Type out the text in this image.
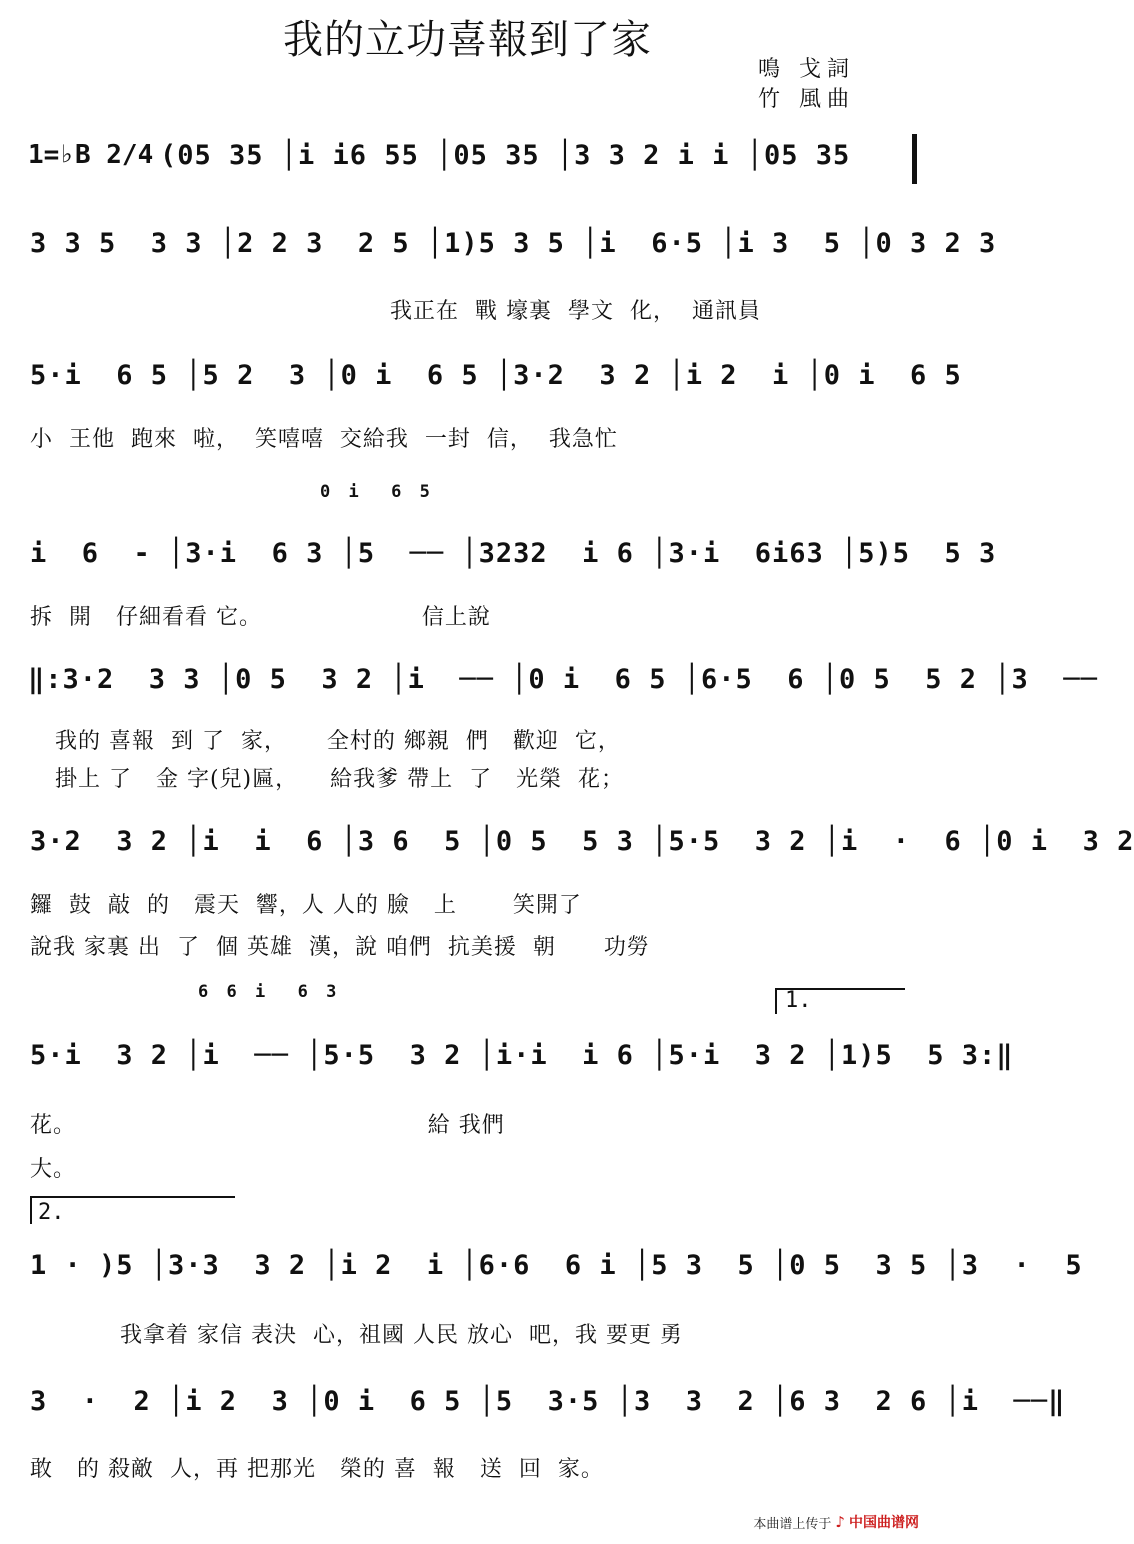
我的立功喜報到了家
鳴 戈詞
竹 風曲
1=♭B 2/4 (05 35 │i i6 55 │05 35 │3 3 2 i i │05 35
3 3 5  3 3 │2 2 3  2 5 │1)5 3 5 │i  6·5 │i 3  5 │0 3 2 3
我正在  戰 壕裏  學文  化，  通訊員
5·i  6 5 │5 2  3 │0 i  6 5 │3·2  3 2 │i 2  i │0 i  6 5
小  王他  跑來  啦，  笑嘻嘻  交給我  一封  信，  我急忙
0 i  6 5
i  6  - │3·i  6 3 │5  ── │3232  i 6 │3·i  6i63 │5)5  5 3
拆  開   仔細看看 它。                    信上說
‖:3·2  3 3 │0 5  3 2 │i  ── │0 i  6 5 │6·5  6 │0 5  5 2 │3  ──
我的 喜報  到 了  家，     全村的 鄉親  們   歡迎  它，
掛上 了   金 字(兒)匾，    給我爹 帶上  了   光榮  花；
3·2  3 2 │i  i  6 │3 6  5 │0 5  5 3 │5·5  3 2 │i  ·  6 │0 i  3 2
鑼  鼓  敲  的   震天  響，人 人的 臉   上       笑開了
說我 家裏 出  了  個 英雄  漢，說 咱們  抗美援  朝      功勞
6 6 i  6 3	1.
5·i  3 2 │i  ── │5·5  3 2 │i·i  i 6 │5·i  3 2 │1)5  5 3:‖
花。                                            給 我們
大。
2.
1 · )5 │3·3  3 2 │i 2  i │6·6  6 i │5 3  5 │0 5  3 5 │3  ·  5
我拿着 家信 表決  心，祖國 人民 放心  吧，我 要更 勇
3  ·  2 │i 2  3 │0 i  6 5 │5  3·5 │3  3  2 │6 3  2 6 │i  ──‖
敢   的 殺敵  人，再 把那光   榮的 喜  報   送  回  家。
本曲谱上传于 ♪ 中国曲谱网
